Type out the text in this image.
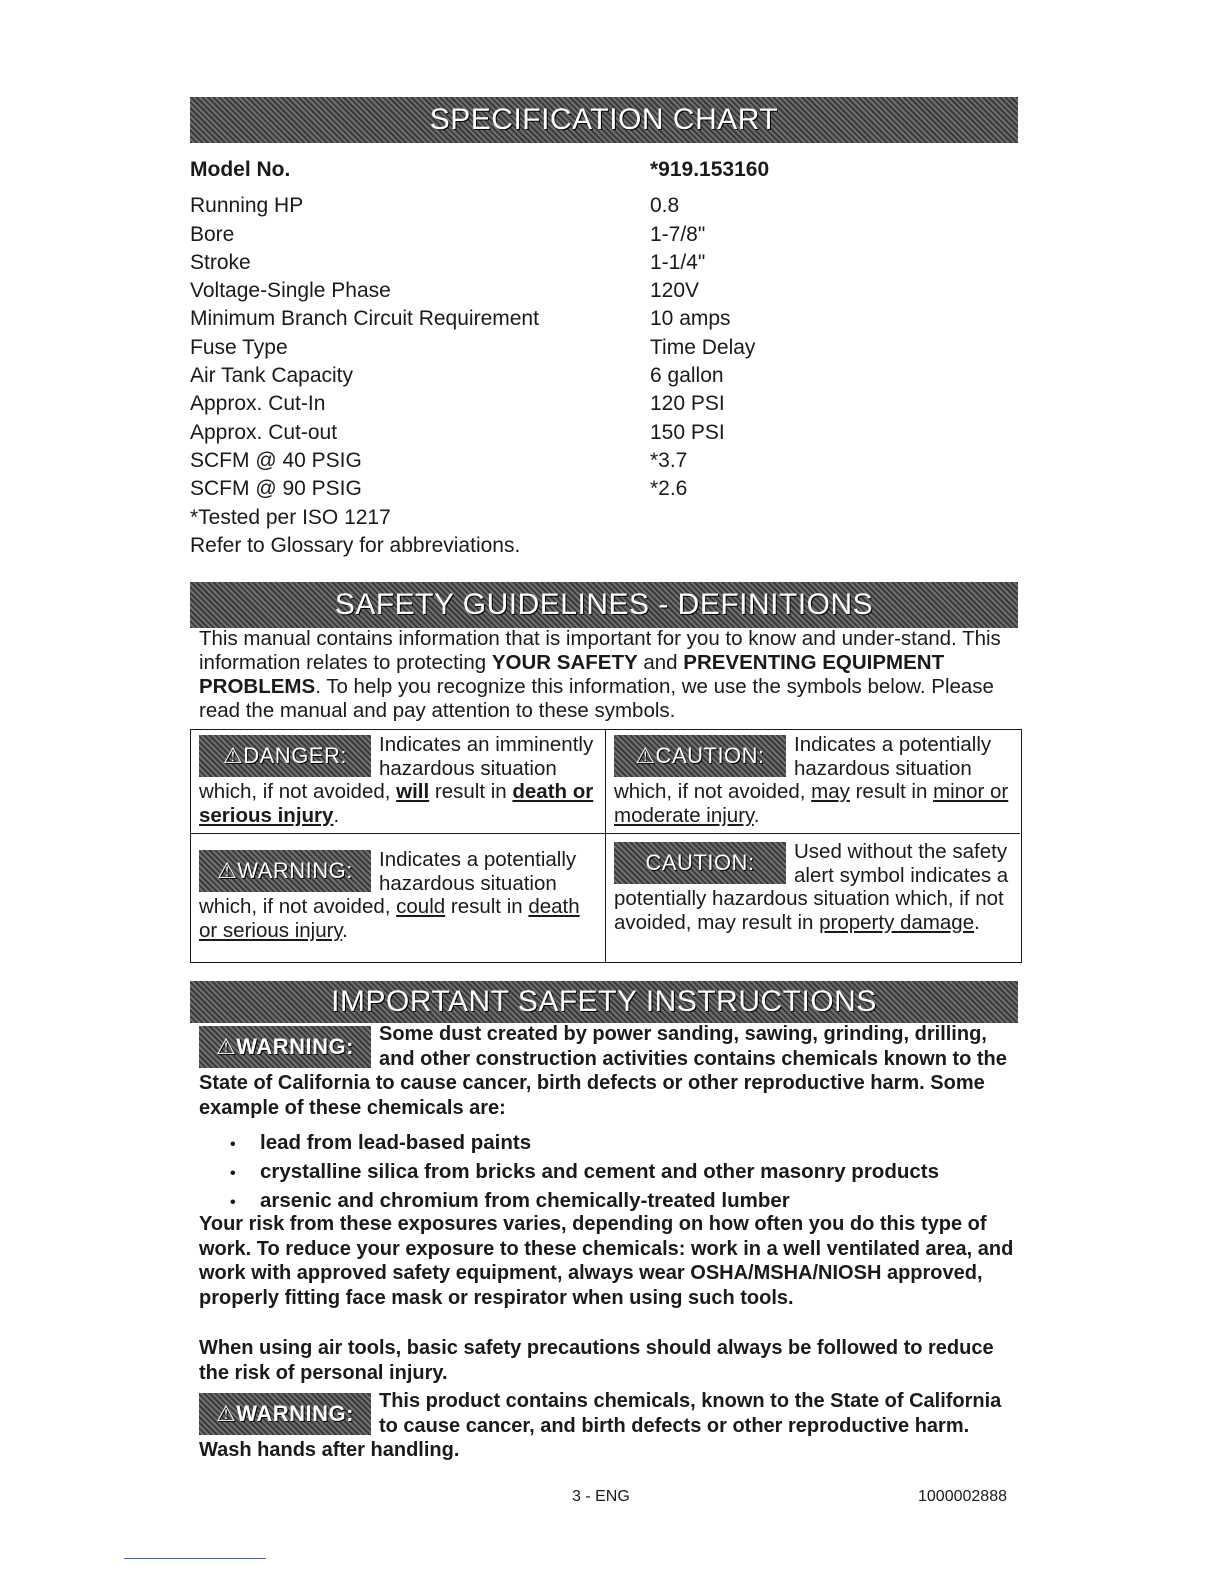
SPECIFICATION CHART
Model No.	*919.153160
Running HP	0.8
Bore	1-7/8"
Stroke	1-1/4"
Voltage-Single Phase	120V
Minimum Branch Circuit Requirement	10 amps
Fuse Type	Time Delay
Air Tank Capacity	6 gallon
Approx. Cut-In	120 PSI
Approx. Cut-out	150 PSI
SCFM @ 40 PSIG	*3.7
SCFM @ 90 PSIG	*2.6
*Tested per ISO 1217
Refer to Glossary for abbreviations.
SAFETY GUIDELINES - DEFINITIONS
This manual contains information that is important for you to know and under-stand. This information relates to protecting YOUR SAFETY and PREVENTING EQUIPMENT PROBLEMS. To help you recognize this information, we use the symbols below. Please read the manual and pay attention to these symbols.
⚠DANGER:	Indicates an imminently hazardous situation which, if not avoided, will result in death or serious injury.
⚠CAUTION:	Indicates a potentially hazardous situation which, if not avoided, may result in minor or moderate injury.
⚠WARNING:	Indicates a potentially hazardous situation which, if not avoided, could result in death or serious injury.
CAUTION:	Used without the safety alert symbol indicates a potentially hazardous situation which, if not avoided, may result in property damage.
IMPORTANT SAFETY INSTRUCTIONS
⚠WARNING:	Some dust created by power sanding, sawing, grinding, drilling, and other construction activities contains chemicals known to the State of California to cause cancer, birth defects or other reproductive harm. Some example of these chemicals are:
• lead from lead-based paints
• crystalline silica from bricks and cement and other masonry products
• arsenic and chromium from chemically-treated lumber
Your risk from these exposures varies, depending on how often you do this type of work. To reduce your exposure to these chemicals: work in a well ventilated area, and work with approved safety equipment, always wear OSHA/MSHA/NIOSH approved, properly fitting face mask or respirator when using such tools.
When using air tools, basic safety precautions should always be followed to reduce the risk of personal injury.
⚠WARNING:	This product contains chemicals, known to the State of California to cause cancer, and birth defects or other reproductive harm. Wash hands after handling.
3 - ENG	1000002888
